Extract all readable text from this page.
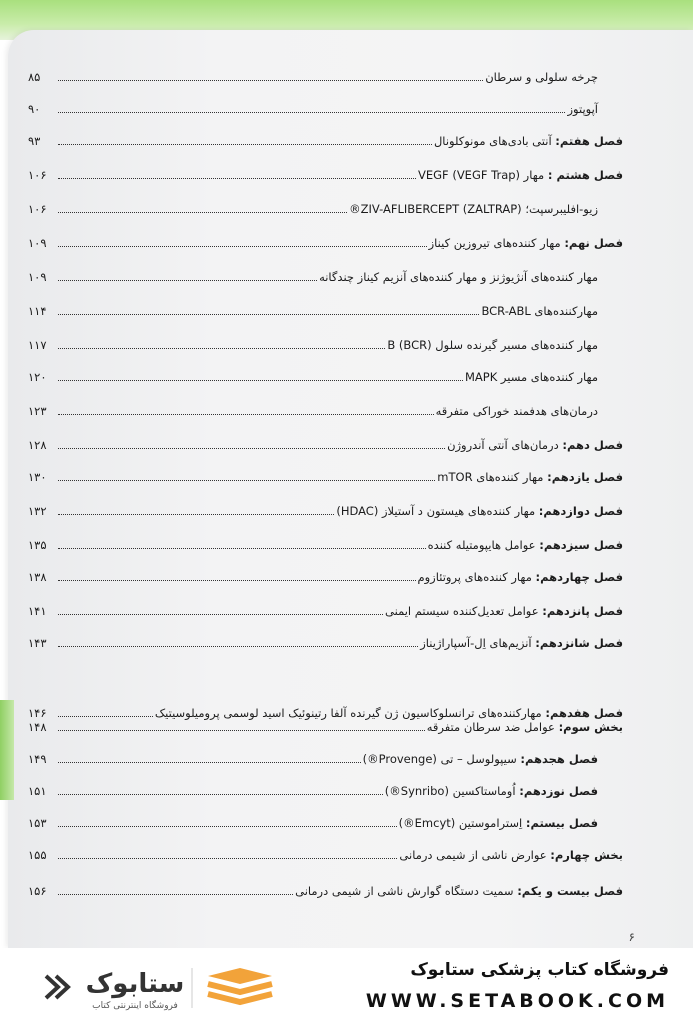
چرخه سلولی و سرطان
۸۵
آپوپتوز
۹۰
فصل هفتم: آنتی بادی‌های مونوکلونال
۹۳
فصل هشتم : مهار VEGF (VEGF Trap)
۱۰۶
زیو-افلیبرسپت؛ (ZIV-AFLIBERCEPT (ZALTRAP®
۱۰۶
فصل نهم: مهار کننده‌های تیروزین کیناز
۱۰۹
مهار کننده‌های آنژیوژنز و مهار کننده‌های آنزیم کیناز چندگانه
۱۰۹
مهارکننده‌های BCR-ABL
۱۱۴
مهار کننده‌های مسیر گیرنده سلول B (BCR)
۱۱۷
مهار کننده‌های مسیر MAPK
۱۲۰
درمان‌های هدفمند خوراکی متفرقه
۱۲۳
فصل دهم: درمان‌های آنتی آندروژن
۱۲۸
فصل یازدهم: مهار کننده‌های mTOR
۱۳۰
فصل دوازدهم: مهار کننده‌های هیستون د آستیلاز (HDAC)
۱۳۲
فصل سیزدهم: عوامل هایپومتیله کننده
۱۳۵
فصل چهاردهم: مهار کننده‌های پروتئازوم
۱۳۸
فصل پانزدهم: عوامل تعدیل‌کننده سیستم ایمنی
۱۴۱
فصل شانزدهم: آنزیم‌های اِل-آسپاراژیناز
۱۴۳
فصل هفدهم: مهارکننده‌های ترانسلوکاسیون ژن گیرنده آلفا رتینوئیک اسید لوسمی پرومیلوسیتیک
۱۴۶
بخش سوم: عوامل ضد سرطان متفرقه
۱۴۸
فصل هجدهم: سیپولوسل – تی (Provenge®)
۱۴۹
فصل نوزدهم: اُوماستاکسین (Synribo®)
۱۵۱
فصل بیستم: اِستراموستین (Emcyt®)
۱۵۳
بخش چهارم: عوارض ناشی از شیمی درمانی
۱۵۵
فصل بیست و یکم: سمیت دستگاه گوارش ناشی از شیمی درمانی
۱۵۶
۶
ستابوک
فروشگاه اینترنتی کتاب
فروشگاه کتاب پزشکی ستابوک
WWW.SETABOOK.COM
